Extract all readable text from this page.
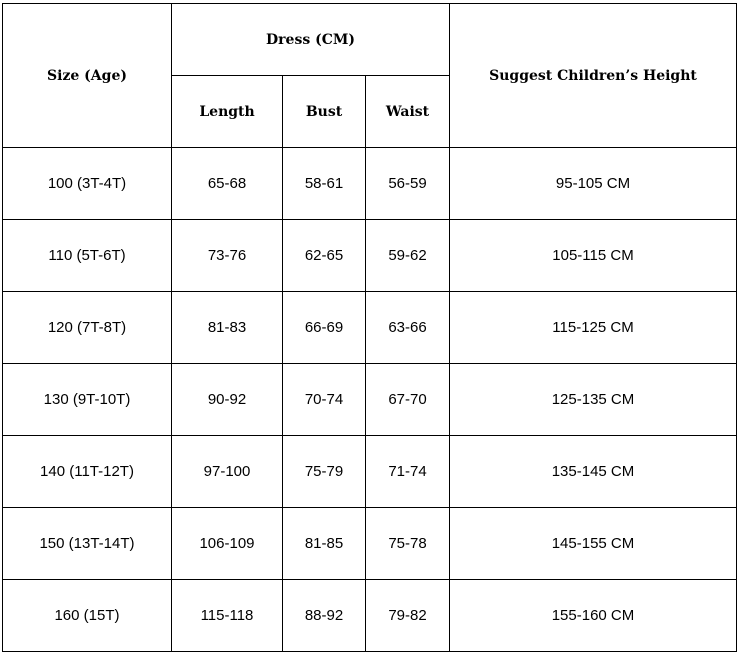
Size (Age)	Dress (CM)			Suggest Children’s Height
	Length	Bust	Waist	
100 (3T-4T)	65-68	58-61	56-59	95-105 CM
110 (5T-6T)	73-76	62-65	59-62	105-115 CM
120 (7T-8T)	81-83	66-69	63-66	115-125 CM
130 (9T-10T)	90-92	70-74	67-70	125-135 CM
140 (11T-12T)	97-100	75-79	71-74	135-145 CM
150 (13T-14T)	106-109	81-85	75-78	145-155 CM
160 (15T)	115-118	88-92	79-82	155-160 CM
